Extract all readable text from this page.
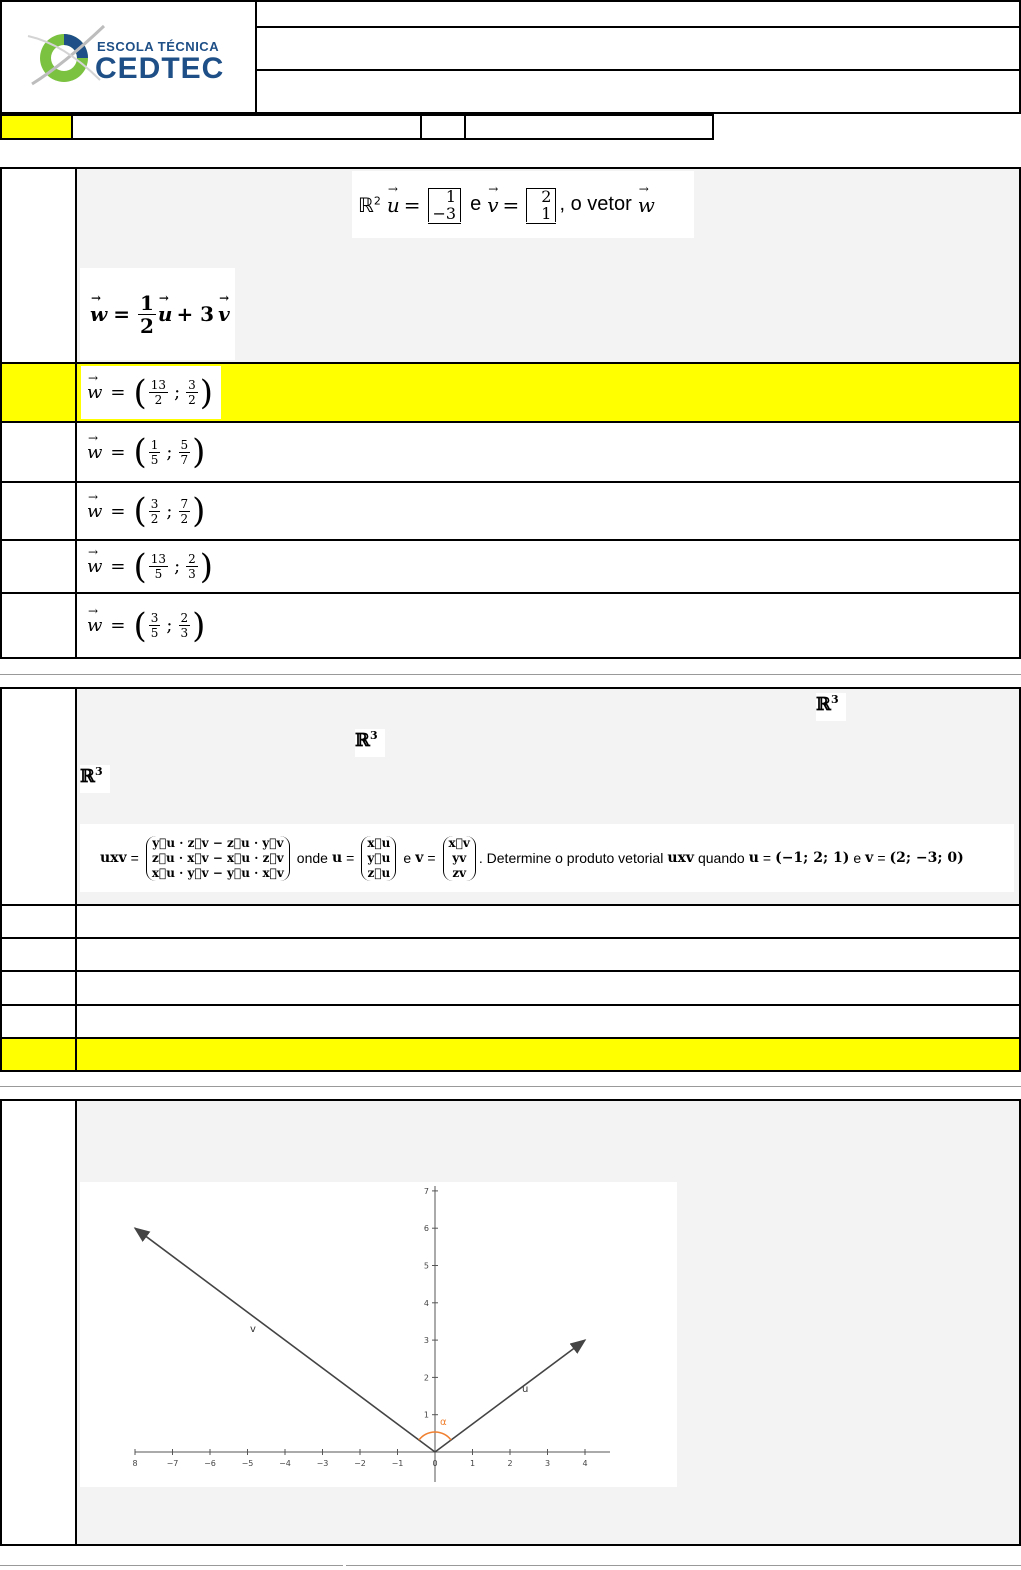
ESCOLA TÉCNICA
CEDTEC
ℝ$^2$
→ u = 1
−3 e
→ v = 2
1 , o vetor
→ w
→ $w = \frac{1}{2}$
→ u + 3
→ v
→ w = ( $\frac{13}{2}$ ; $\frac{3}{2}$ )
→ w = ( $\frac{1}{5}$ ; $\frac{5}{7}$ )
→ w = ( $\frac{3}{2}$ ; $\frac{7}{2}$ )
→ w = ( $\frac{13}{5}$ ; $\frac{2}{3}$ )
→ w = ( $\frac{3}{5}$ ; $\frac{2}{3}$ )
ℝ$^3$
ℝ$^3$
ℝ$^3$
uxv =
y⃗u · z⃗v − z⃗u · y⃗v
z⃗u · x⃗v − x⃗u · z⃗v
x⃗u · y⃗v − y⃗u · x⃗v
onde u =
x⃗u
y⃗u
z⃗u
e v =
x⃗v
yv
zv
. Determine o produto vetorial uxv quando u = (−1; 2; 1) e v = (2; −3; 0)
8	−7	−6	−5	−4	−3	−2	−1	0	1	2	3	4
1
2
3
4
5
6
7
v
u
α
